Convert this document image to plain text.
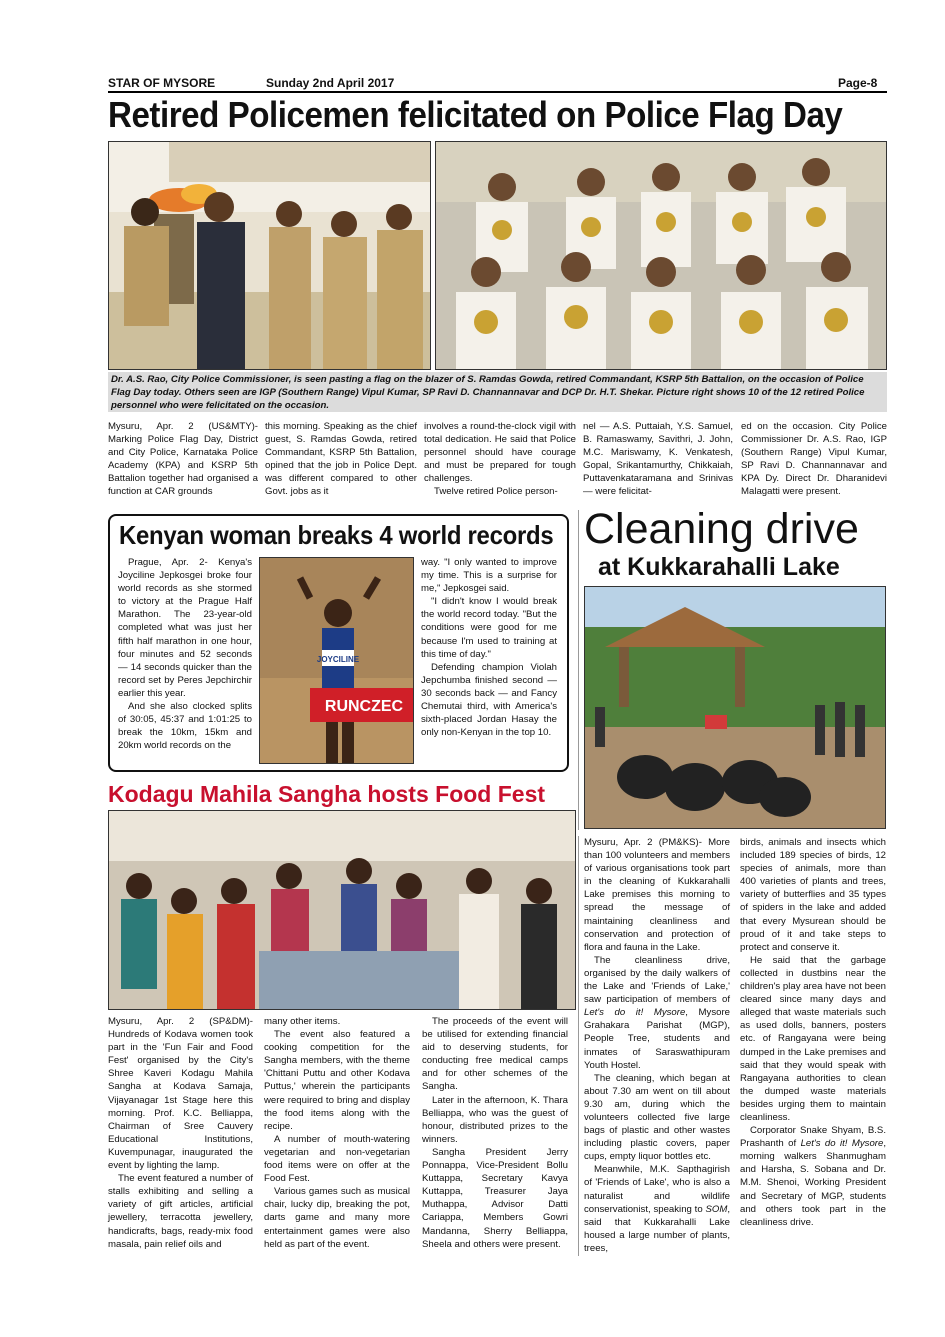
STAR OF MYSORE	Sunday 2nd April 2017	Page-8
Retired Policemen felicitated on Police Flag Day
Dr. A.S. Rao, City Police Commissioner, is seen pasting a flag on the blazer of S. Ramdas Gowda, retired Commandant, KSRP 5th Battalion, on the occasion of Police Flag Day today. Others seen are IGP (Southern Range) Vipul Kumar, SP Ravi D. Channannavar and DCP Dr. H.T. Shekar. Picture right shows 10 of the 12 retired Police personnel who were felicitated on the occasion.

Mysuru, Apr. 2 (US&MTY)- Marking Police Flag Day, District and City Police, Karnataka Police Academy (KPA) and KSRP 5th Battalion together had organised a function at CAR grounds

this morning. Speaking as the chief guest, S. Ramdas Gowda, retired Commandant, KSRP 5th Battalion, opined that the job in Police Dept. was different compared to other Govt. jobs as it

involves a round-the-clock vigil with total dedication. He said that Police personnel should have courage and must be prepared for tough challenges.

Twelve retired Police person-

nel — A.S. Puttaiah, Y.S. Samuel, B. Ramaswamy, Savithri, J. John, M.C. Mariswamy, K. Venkatesh, Gopal, Srikantamurthy, Chikkaiah, Puttavenkataramana and Srinivas — were felicitat-

ed on the occasion. City Police Commissioner Dr. A.S. Rao, IGP (Southern Range) Vipul Kumar, SP Ravi D. Channannavar and KPA Dy. Direct Dr. Dharanidevi Malagatti were present.

Kenyan woman breaks 4 world records

Prague, Apr. 2- Kenya's Joyciline Jepkosgei broke four world records as she stormed to victory at the Prague Half Marathon. The 23-year-old completed what was just her fifth half marathon in one hour, four minutes and 52 seconds — 14 seconds quicker than the record set by Peres Jepchirchir earlier this year.

And she also clocked splits of 30:05, 45:37 and 1:01:25 to break the 10km, 15km and 20km world records on the

JOYCILINE
RUNCZEC

way. "I only wanted to improve my time. This is a surprise for me," Jepkosgei said.

"I didn't know I would break the world record today. "But the conditions were good for me because I'm used to training at this time of day."

Defending champion Violah Jepchumba finished second — 30 seconds back — and Fancy Chemutai third, with America's sixth-placed Jordan Hasay the only non-Kenyan in the top 10.

Cleaning drive
at Kukkarahalli Lake

Mysuru, Apr. 2 (PM&KS)- More than 100 volunteers and members of various organisations took part in the cleaning of Kukkarahalli Lake premises this morning to spread the message of maintaining cleanliness and conservation and protection of flora and fauna in the Lake.

The cleanliness drive, organised by the daily walkers of the Lake and 'Friends of Lake,' saw participation of members of Let's do it! Mysore, Mysore Grahakara Parishat (MGP), People Tree, students and inmates of Saraswathipuram Youth Hostel.

The cleaning, which began at about 7.30 am went on till about 9.30 am, during which the volunteers collected five large bags of plastic and other wastes including plastic covers, paper cups, empty liquor bottles etc.

Meanwhile, M.K. Sapthagirish of 'Friends of Lake', who is also a naturalist and wildlife conservationist, speaking to SOM, said that Kukkarahalli Lake housed a large number of plants, trees,

birds, animals and insects which included 189 species of birds, 12 species of animals, more than 400 varieties of plants and trees, variety of butterflies and 35 types of spiders in the lake and added that every Mysurean should be proud of it and take steps to protect and conserve it.

He said that the garbage collected in dustbins near the children's play area have not been cleared since many days and alleged that waste materials such as used dolls, banners, posters etc. of Rangayana were being dumped in the Lake premises and said that they would speak with Rangayana authorities to clean the dumped waste materials besides urging them to maintain cleanliness.

Corporator Snake Shyam, B.S. Prashanth of Let's do it! Mysore, morning walkers Shanmugham and Harsha, S. Sobana and Dr. M.M. Shenoi, Working President and Secretary of MGP, students and others took part in the cleanliness drive.

Kodagu Mahila Sangha hosts Food Fest

Mysuru, Apr. 2 (SP&DM)- Hundreds of Kodava women took part in the 'Fun Fair and Food Fest' organised by the City's Shree Kaveri Kodagu Mahila Sangha at Kodava Samaja, Vijayanagar 1st Stage here this morning. Prof. K.C. Belliappa, Chairman of Sree Cauvery Educational Institutions, Kuvempunagar, inaugurated the event by lighting the lamp.

The event featured a number of stalls exhibiting and selling a variety of gift articles, artificial jewellery, terracotta jewellery, handicrafts, bags, ready-mix food masala, pain relief oils and

many other items.

The event also featured a cooking competition for the Sangha members, with the theme 'Chittani Puttu and other Kodava Puttus,' wherein the participants were required to bring and display the food items along with the recipe.

A number of mouth-watering vegetarian and non-vegetarian food items were on offer at the Food Fest.

Various games such as musical chair, lucky dip, breaking the pot, darts game and many more entertainment games were also held as part of the event.

The proceeds of the event will be utilised for extending financial aid to deserving students, for conducting free medical camps and for other schemes of the Sangha.

Later in the afternoon, K. Thara Belliappa, who was the guest of honour, distributed prizes to the winners.

Sangha President Jerry Ponnappa, Vice-President Bollu Kuttappa, Secretary Kavya Kuttappa, Treasurer Jaya Muthappa, Advisor Datti Cariappa, Members Gowri Mandanna, Sherry Belliappa, Sheela and others were present.
